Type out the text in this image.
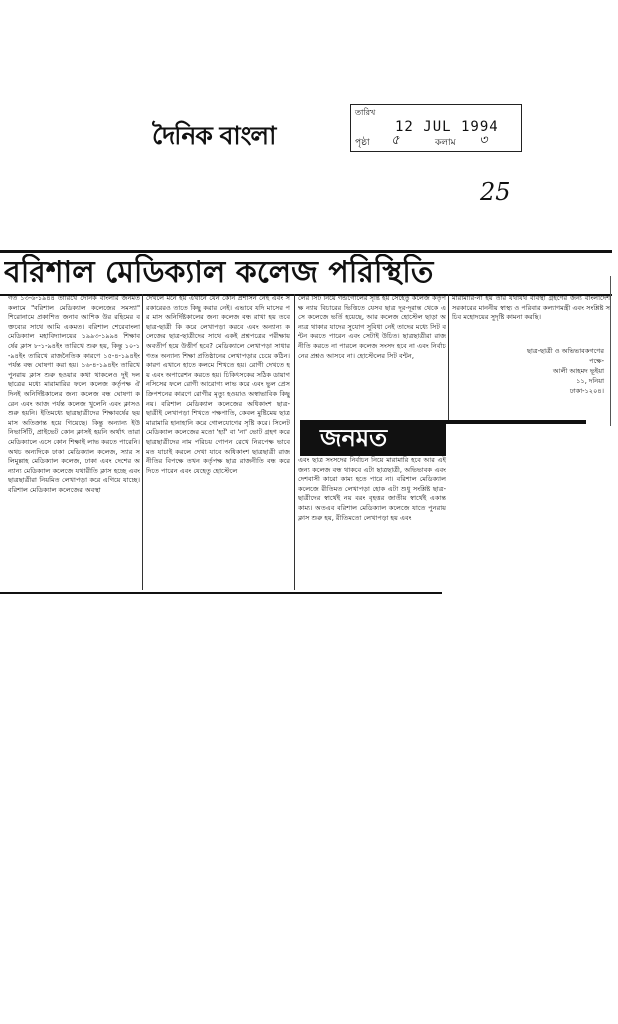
দৈনিক বাংলা
তারিখ
12 JUL 1994
পৃষ্ঠা ৫	কলাম ৩
25
বরিশাল মেডিক্যাল কলেজ পরিস্থিতি
গত ১৩-৬-১৯৪৪ তারিখে দৈনিক বাংলার জনমত কলামে "বরিশাল মেডিক্যাল কলেজের সমস্যা" শিরোনামে প্রকাশিত জনাব আশিক উর রহিমের বক্তব্যের সাথে আমি একমত। বরিশাল শেরেবাংলা মেডিক্যাল মহাবিদ্যালয়ের ১৯৯৩-১৯৯৪ শিক্ষাবর্ষের ক্লাস ৮-১-৯৪ইং তারিখে শুরু হয়, কিন্তু ১০-১-৯৪ইং তারিখে রাজনৈতিক কারণে ১৫-৪-১৯৪ইং পর্যন্ত বন্ধ ঘোষণা করা হয়। ১৬-৪-১৯৪ইং তারিখে পুনরায় ক্লাস শুরু হওয়ার কথা থাকলেও দুই দল ছাত্রের মধ্যে মারামারির ফলে কলেজ কর্তৃপক্ষ ঐ দিনই অনির্দিষ্টকালের জন্য কলেজ বন্ধ ঘোষণা করেন এবং আজ পর্যন্ত কলেজ খুলেনি এবং ক্লাসও শুরু হয়নি। ইতিমধ্যে ছাত্রছাত্রীদের শিক্ষাবর্ষের ছয় মাস অতিক্রান্ত হয়ে গিয়েছে। কিন্তু অন্যান্য ইউনিভার্সিটি, প্রাইভেট কোন ক্লাসই হয়নি অর্থাৎ তারা মেডিক্যালে এসে কোন শিক্ষাই লাভ করতে পারেনি। অথচ অন্যদিকে ঢাকা মেডিক্যাল কলেজ, স্যার সলিমুল্লাহ মেডিক্যাল কলেজ, ঢাকা এবং দেশের অন্যান্য মেডিক্যাল কলেজে যথারীতি ক্লাস হচ্ছে এবং ছাত্রছাত্রীরা নিয়মিত লেখাপড়া করে এগিয়ে যাচ্ছে। বরিশাল মেডিক্যাল কলেজের অবস্থা
দেখলে মনে হয় এখানে যেন কোন প্রশাসন নেই এবং সরকারেরও তাতে কিছু করার নেই। এভাবে যদি মাসের পর মাস অনির্দিষ্টকালের জন্য কলেজ বন্ধ রাখা হয় তবে ছাত্র-ছাত্রী কি করে লেখাপড়া করবে এবং অন্যান্য কলেজের ছাত্র-ছাত্রীদের সাথে একই প্রশ্নপত্রের পরীক্ষায় অবতীর্ণ হয়ে উত্তীর্ণ হবে? মেডিক্যালে লেখাপড়া সাধারণতঃ অন্যান্য শিক্ষা প্রতিষ্ঠানের লেখাপড়ার চেয়ে কঠিন। কারণ এখানে হাতে কলমে শিখতে হয়। রোগী দেখতে হয় এবং অপারেশন করতে হয়। চিকিৎসকের সঠিক ডায়াগনসিসের ফলে রোগী আরোগ্য লাভ করে এবং ভুল প্রেসক্রিপশনের কারণে রোগীর মৃত্যু হওয়াও অস্বাভাবিক কিছু নয়। বরিশাল মেডিক্যাল কলেজের অধিকাংশ ছাত্র-ছাত্রীই লেখাপড়া শিখতে পক্ষপাতি, কেবল মুষ্টিমেয় ছাত্র মারামারি হানাহানি করে গোলযোগের সৃষ্টি করে। সিলেট মেডিক্যাল কলেজের মতো 'হ্যাঁ' বা 'না' ভোট গ্রহণ করে ছাত্রছাত্রীদের নাম পরিচয় গোপন রেখে নিরপেক্ষ ভাবে মত যাচাই করলে দেখা যাবে অধিকাংশ ছাত্রছাত্রী রাজনীতির বিপক্ষে তখন কর্তৃপক্ষ ছাত্র রাজনীতি বন্ধ করে দিতে পারেন এবং যেহেতু হোস্টেলে
লের সিট নিয়ে গন্ডগোলের সৃষ্টি হয় সেহেতু কলেজ কর্তৃপক্ষ ন্যায় বিচারের ভিত্তিতে যেসব ছাত্র দূর-দূরান্ত থেকে এসে কলেজে ভর্তি হয়েছে, আর কলেজ হোস্টেল ছাড়া অন্যত্র থাকার যাদের সুযোগ সুবিধা নেই তাদের মধ্যে সিট বন্টন করতে পারেন এবং সেটাই উচিত। ছাত্রছাত্রীরা রাজনীতি করতে না পারলে কলেজ সংসদ হবে না এবং নির্বাচনের প্রশ্নও আসবে না। হোস্টেলের সিট বন্টন,
মারামারি-না হয় তার যথাযথ ব্যবস্থা গ্রহণের জন্য বাংলাদেশ সরকারের মাননীয় স্বাস্থ্য ও পরিবার কল্যাণমন্ত্রী এবং সংশ্লিষ্ট সচিব মহোদয়ের সুদৃষ্টি কামনা করছি।
ছাত্র-ছাত্রী ও অভিভাবকগণের
পক্ষে-
আলী আহমদ ভূইয়া
১১, দনিয়া
ঢাকা-১২০৪।
জনমত
এবং ছাত্র সংসদের নির্বাচন নিয়ে মারামারি হবে আর এই জন্য কলেজ বন্ধ থাকবে এটা ছাত্রছাত্রী, অভিভাবক এবং দেশবাসী কারো কাম্য হতে পারে না। বরিশাল মেডিক্যাল কলেজে রীতিমত লেখাপড়া হোক এটা শুধু সংশ্লিষ্ট ছাত্র-ছাত্রীদের স্বার্থেই নয় বরং বৃহত্তর জাতীয় স্বার্থেই একান্ত কাম্য। অতএব বরিশাল মেডিক্যাল কলেজে যাতে পুনরায় ক্লাস শুরু হয়, রীতিমতো লেখাপড়া হয় এবং
